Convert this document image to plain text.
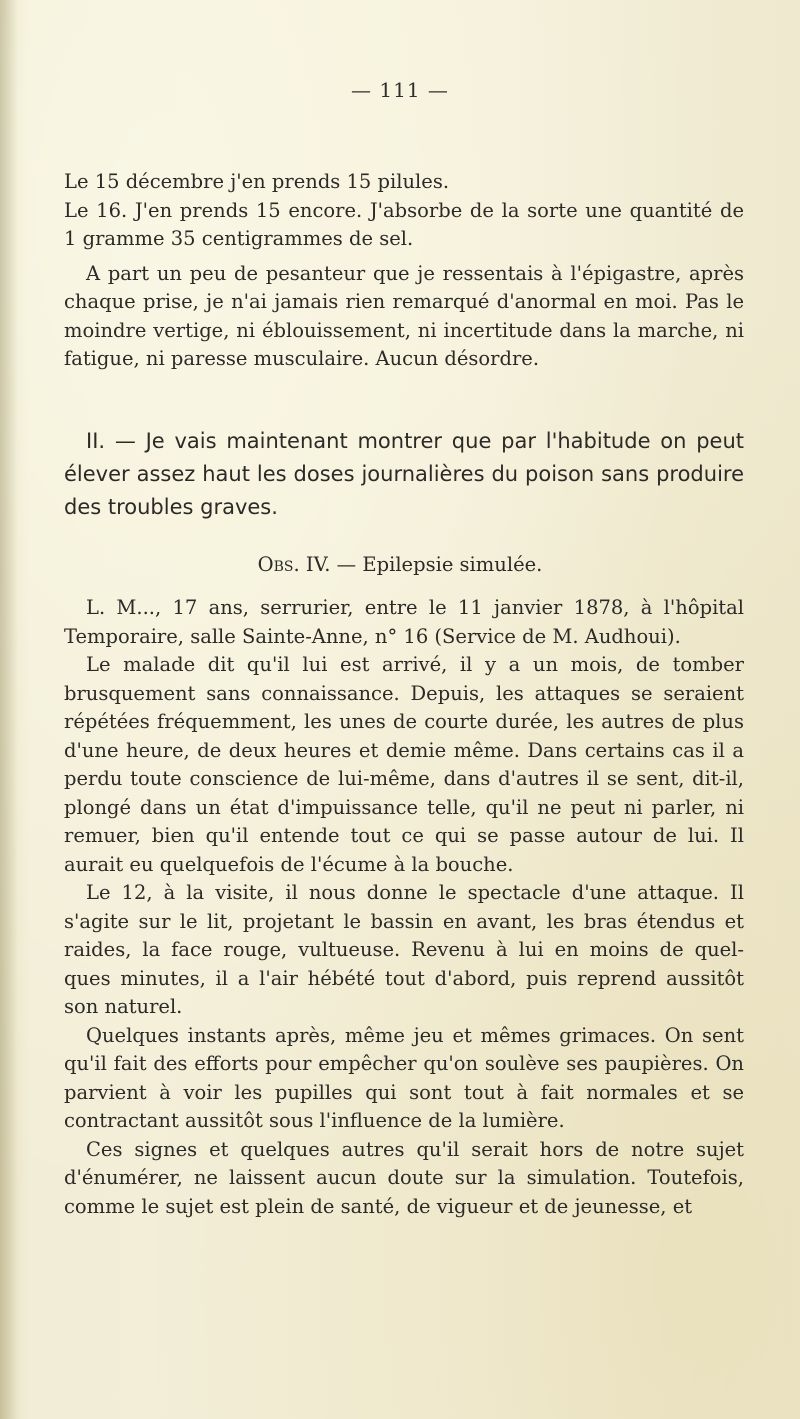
— 111 —

Le 15 décembre j'en prends 15 pilules.

Le 16. J'en prends 15 encore. J'absorbe de la sorte une quantité de 1 gramme 35 centigrammes de sel.

A part un peu de pesanteur que je ressentais à l'épigastre, après chaque prise, je n'ai jamais rien remarqué d'anormal en moi. Pas le moindre vertige, ni éblouissement, ni incertitude dans la marche, ni fatigue, ni paresse musculaire. Aucun désordre.

II. — Je vais maintenant montrer que par l'habitude on peut élever assez haut les doses journalières du poison sans produire des troubles graves.

Obs. IV. — Epilepsie simulée.

L. M..., 17 ans, serrurier, entre le 11 janvier 1878, à l'hôpital Temporaire, salle Sainte-Anne, n° 16 (Service de M. Audhoui).

Le malade dit qu'il lui est arrivé, il y a un mois, de tomber brusquement sans connaissance. Depuis, les attaques se seraient répétées fréquemment, les unes de courte durée, les autres de plus d'une heure, de deux heures et demie même. Dans certains cas il a perdu toute conscience de lui-même, dans d'autres il se sent, dit-il, plongé dans un état d'impuissance telle, qu'il ne peut ni parler, ni remuer, bien qu'il entende tout ce qui se passe autour de lui. Il aurait eu quelquefois de l'écume à la bouche.

Le 12, à la visite, il nous donne le spectacle d'une attaque. Il s'agite sur le lit, projetant le bassin en avant, les bras étendus et raides, la face rouge, vultueuse. Revenu à lui en moins de quel- ques minutes, il a l'air hébété tout d'abord, puis reprend aussitôt son naturel.

Quelques instants après, même jeu et mêmes grimaces. On sent qu'il fait des efforts pour empêcher qu'on soulève ses paupières. On parvient à voir les pupilles qui sont tout à fait normales et se contractant aussitôt sous l'influence de la lumière.

Ces signes et quelques autres qu'il serait hors de notre sujet d'énumérer, ne laissent aucun doute sur la simulation. Toutefois, comme le sujet est plein de santé, de vigueur et de jeunesse, et
